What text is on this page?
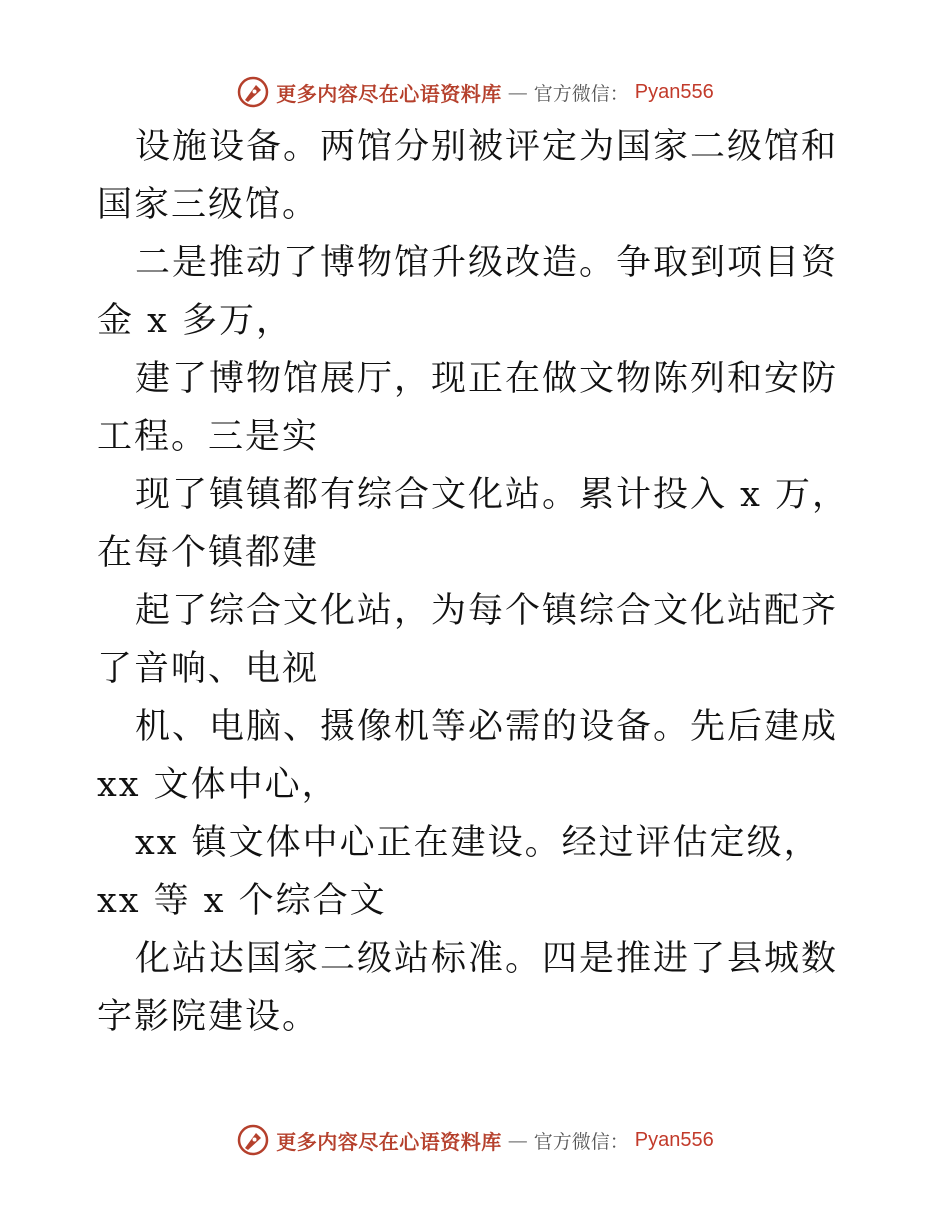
更多内容尽在心语资料库 — 官方微信： Pyan556

设施设备。两馆分别被评定为国家二级馆和国家三级馆。

二是推动了博物馆升级改造。争取到项目资金 x 多万，

建了博物馆展厅，现正在做文物陈列和安防工程。三是实

现了镇镇都有综合文化站。累计投入 x 万，在每个镇都建

起了综合文化站，为每个镇综合文化站配齐了音响、电视

机、电脑、摄像机等必需的设备。先后建成 xx 文体中心，

xx 镇文体中心正在建设。经过评估定级，xx 等 x 个综合文

化站达国家二级站标准。四是推进了县城数字影院建设。

更多内容尽在心语资料库 — 官方微信： Pyan556
